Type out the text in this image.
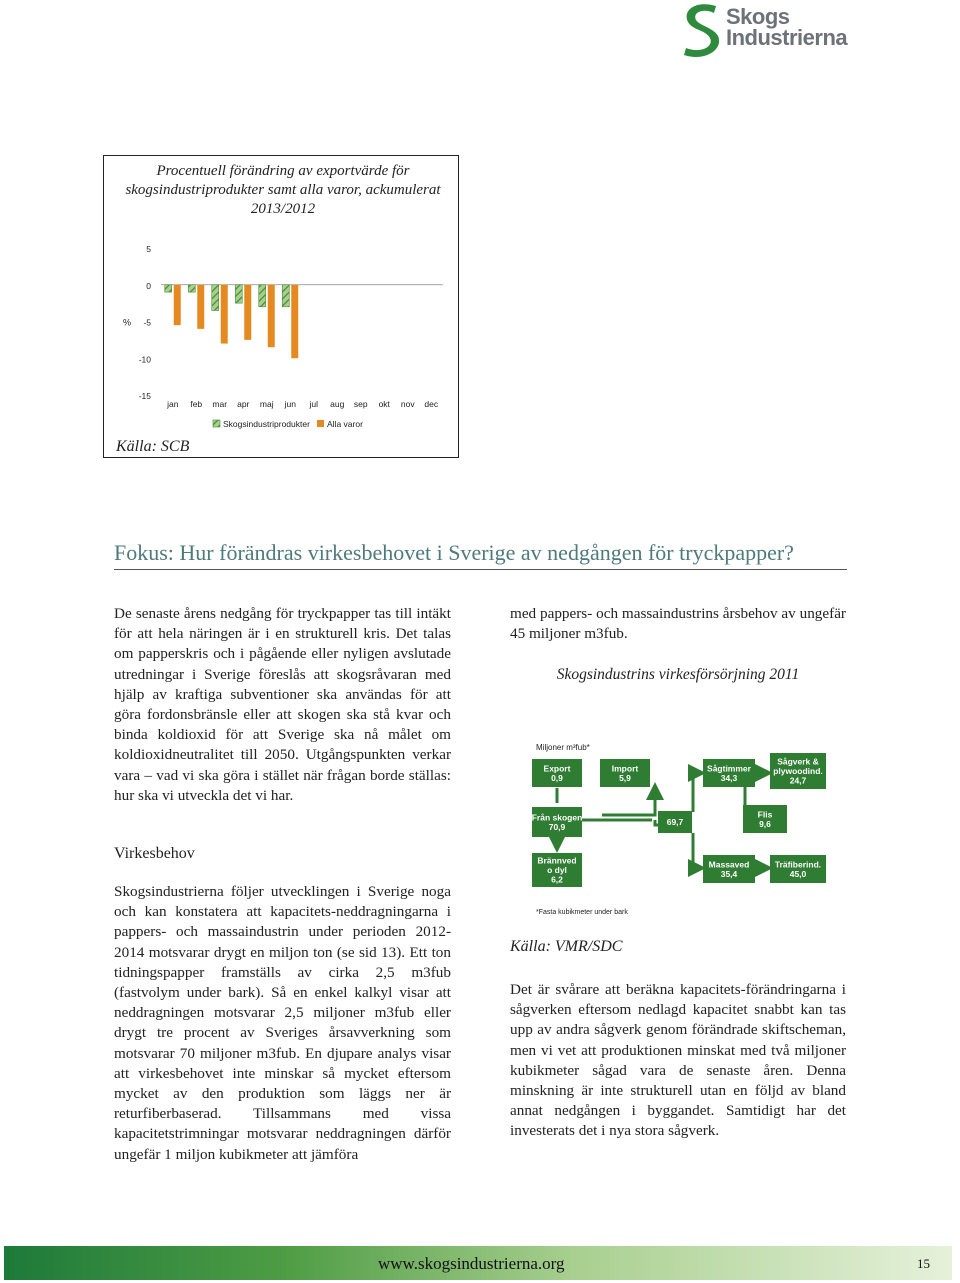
Skogs
Industrierna
Procentuell förändring av exportvärde för skogsindustriprodukter samt alla varor, ackumulerat 2013/2012
5
0
-5
-10
-15
%
jan feb mar apr maj jun jul aug sep okt nov dec
Skogsindustriprodukter Alla varor
Källa: SCB
Fokus: Hur förändras virkesbehovet i Sverige av nedgången för tryckpapper?
De senaste årens nedgång för tryckpapper tas till intäkt för att hela näringen är i en strukturell kris. Det talas om papperskris och i pågående eller nyligen avslutade utredningar i Sverige föreslås att skogsråvaran med hjälp av kraftiga subventioner ska användas för att göra fordonsbränsle eller att skogen ska stå kvar och binda koldioxid för att Sverige ska nå målet om koldioxidneutralitet till 2050. Utgångspunkten verkar vara – vad vi ska göra i stället när frågan borde ställas: hur ska vi utveckla det vi har.
Virkesbehov
Skogsindustrierna följer utvecklingen i Sverige noga och kan konstatera att kapacitets-neddragningarna i pappers- och massaindustrin under perioden 2012-2014 motsvarar drygt en miljon ton (se sid 13). Ett ton tidningspapper framställs av cirka 2,5 m3fub (fastvolym under bark). Så en enkel kalkyl visar att neddragningen motsvarar 2,5 miljoner m3fub eller drygt tre procent av Sveriges årsavverkning som motsvarar 70 miljoner m3fub. En djupare analys visar att virkesbehovet inte minskar så mycket eftersom mycket av den produktion som läggs ner är returfiberbaserad. Tillsammans med vissa kapacitetstrimningar motsvarar neddragningen därför ungefär 1 miljon kubikmeter att jämföra
med pappers- och massaindustrins årsbehov av ungefär 45 miljoner m3fub.
Skogsindustrins virkesförsörjning 2011
Miljoner m³fub*
Export
0,9
Import
5,9
Från skogen
70,9	69,7
Sågtimmer
34,3
Sågverk &
plywoodind.
24,7
Flis
9,6
Brännved
o dyl
6,2
Massaved
35,4
Träfiberind.
45,0
*Fasta kubikmeter under bark
Källa: VMR/SDC
Det är svårare att beräkna kapacitets-förändringarna i sågverken eftersom nedlagd kapacitet snabbt kan tas upp av andra sågverk genom förändrade skiftscheman, men vi vet att produktionen minskat med två miljoner kubikmeter sågad vara de senaste åren. Denna minskning är inte strukturell utan en följd av bland annat nedgången i byggandet. Samtidigt har det investerats det i nya stora sågverk.
www.skogsindustrierna.org	15
